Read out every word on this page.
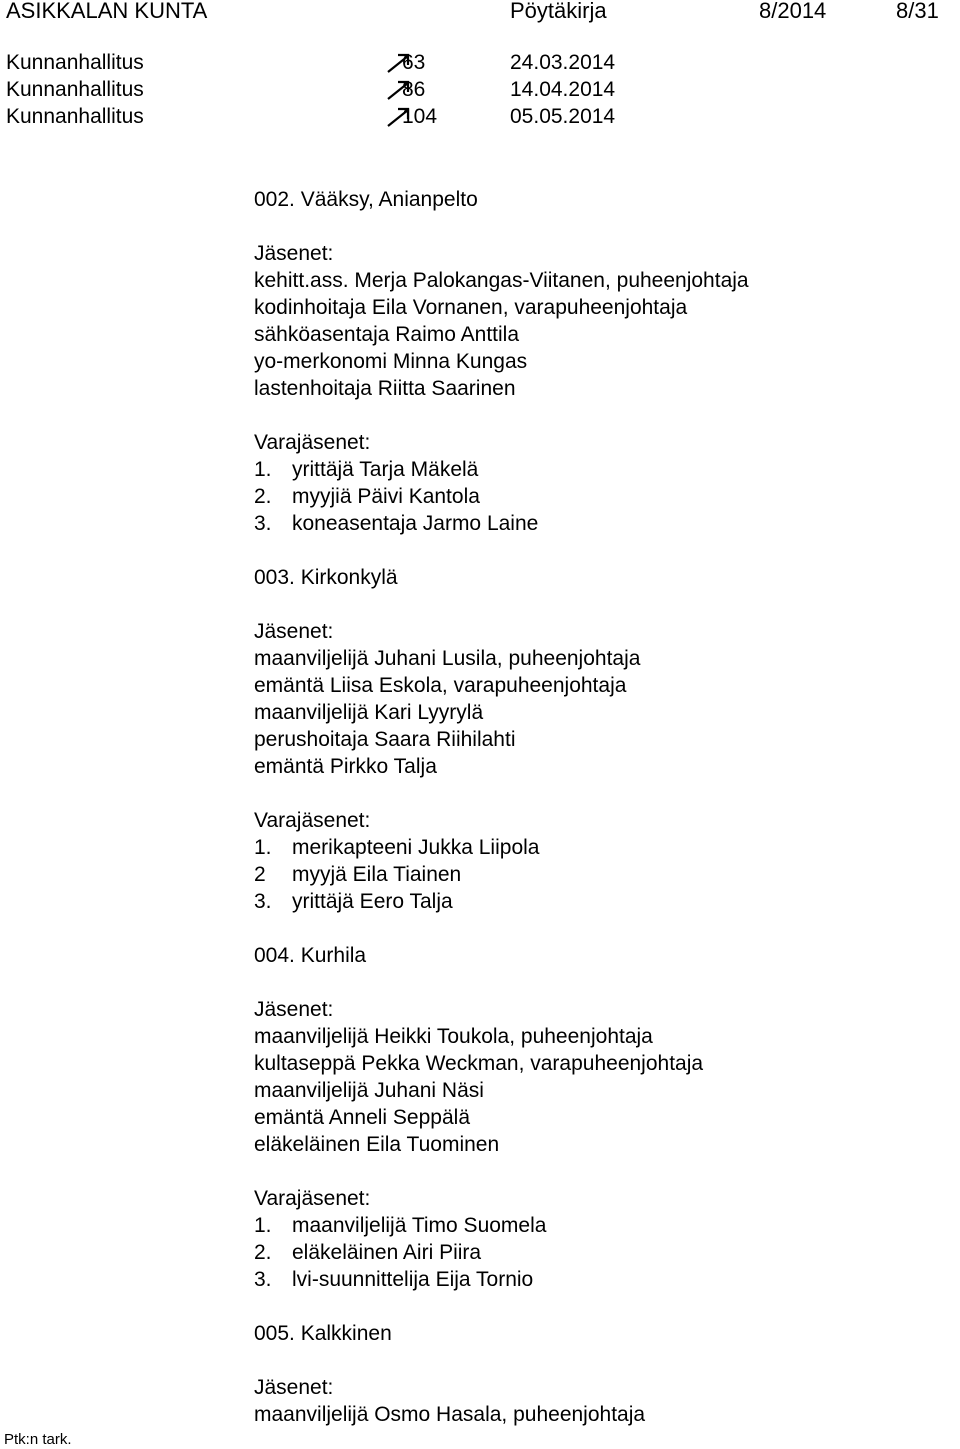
ASIKKALAN KUNTA	Pöytäkirja	8/2014	8/31
Kunnanhallitus	63	24.03.2014
Kunnanhallitus	86	14.04.2014
Kunnanhallitus	104	05.05.2014
002. Vääksy, Anianpelto
Jäsenet:
kehitt.ass. Merja Palokangas-Viitanen, puheenjohtaja
kodinhoitaja Eila Vornanen, varapuheenjohtaja
sähköasentaja Raimo Anttila
yo-merkonomi Minna Kungas
lastenhoitaja Riitta Saarinen
Varajäsenet:
1. yrittäjä Tarja Mäkelä
2. myyjiä Päivi Kantola
3. koneasentaja Jarmo Laine
003. Kirkonkylä
Jäsenet:
maanviljelijä Juhani Lusila, puheenjohtaja
emäntä Liisa Eskola, varapuheenjohtaja
maanviljelijä Kari Lyyrylä
perushoitaja Saara Riihilahti
emäntä Pirkko Talja
Varajäsenet:
1. merikapteeni Jukka Liipola
2 myyjä Eila Tiainen
3. yrittäjä Eero Talja
004. Kurhila
Jäsenet:
maanviljelijä Heikki Toukola, puheenjohtaja
kultaseppä Pekka Weckman, varapuheenjohtaja
maanviljelijä Juhani Näsi
emäntä Anneli Seppälä
eläkeläinen Eila Tuominen
Varajäsenet:
1. maanviljelijä Timo Suomela
2. eläkeläinen Airi Piira
3. lvi-suunnittelija Eija Tornio
005. Kalkkinen
Jäsenet:
maanviljelijä Osmo Hasala, puheenjohtaja
Ptk:n tark.
